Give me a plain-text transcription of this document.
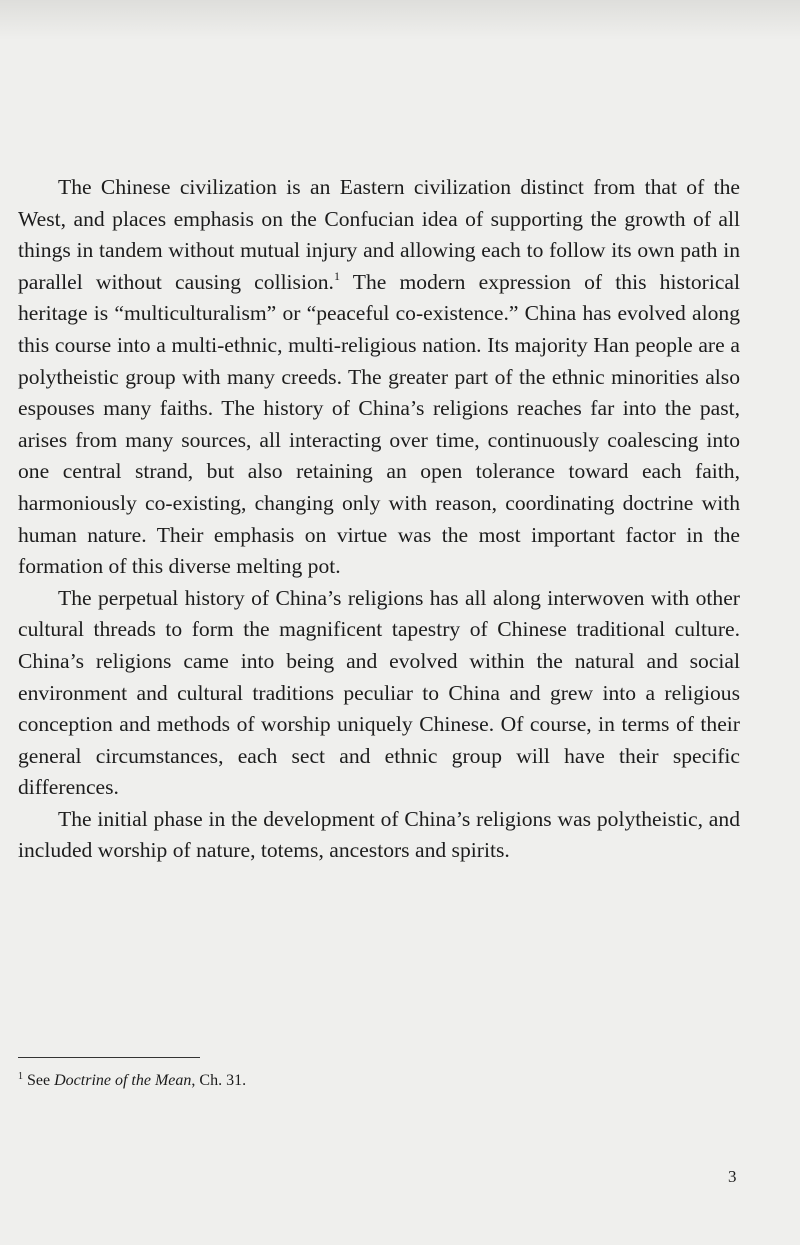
The Chinese civilization is an Eastern civilization distinct from that of the West, and places emphasis on the Confucian idea of supporting the growth of all things in tandem without mutual injury and allowing each to follow its own path in parallel without causing collision.$^1$ The modern expression of this historical heritage is “multiculturalism” or “peaceful co-existence.” China has evolved along this course into a multi-ethnic, multi-religious nation. Its majority Han people are a polytheistic group with many creeds. The greater part of the ethnic minorities also espouses many faiths. The history of China’s religions reaches far into the past, arises from many sources, all interacting over time, continuously coalescing into one central strand, but also retaining an open tolerance toward each faith, harmoniously co-existing, changing only with reason, coordinating doctrine with human nature. Their emphasis on virtue was the most important factor in the formation of this diverse melting pot.

The perpetual history of China’s religions has all along interwoven with other cultural threads to form the magnificent tapestry of Chinese traditional culture. China’s religions came into being and evolved within the natural and social environment and cultural traditions peculiar to China and grew into a religious conception and methods of worship uniquely Chinese. Of course, in terms of their general circumstances, each sect and ethnic group will have their specific differences.

The initial phase in the development of China’s religions was polytheistic, and included worship of nature, totems, ancestors and spirits.

$^1$ See Doctrine of the Mean, Ch. 31.
3
